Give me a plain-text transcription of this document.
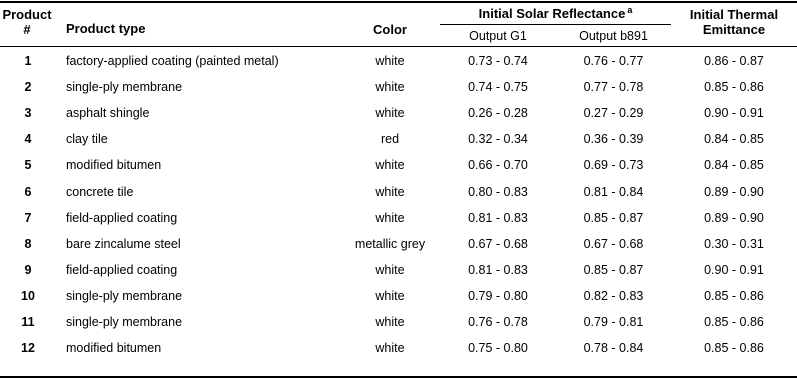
Product
#	Product type	Color
Initial Solar Reflectance $^a$
Output G1	Output b891
Initial Thermal
Emittance
1	factory-applied coating (painted metal)	white	0.73 - 0.74	0.76 - 0.77	0.86 - 0.87
2	single-ply membrane	white	0.74 - 0.75	0.77 - 0.78	0.85 - 0.86
3	asphalt shingle	white	0.26 - 0.28	0.27 - 0.29	0.90 - 0.91
4	clay tile	red	0.32 - 0.34	0.36 - 0.39	0.84 - 0.85
5	modified bitumen	white	0.66 - 0.70	0.69 - 0.73	0.84 - 0.85
6	concrete tile	white	0.80 - 0.83	0.81 - 0.84	0.89 - 0.90
7	field-applied coating	white	0.81 - 0.83	0.85 - 0.87	0.89 - 0.90
8	bare zincalume steel	metallic grey	0.67 - 0.68	0.67 - 0.68	0.30 - 0.31
9	field-applied coating	white	0.81 - 0.83	0.85 - 0.87	0.90 - 0.91
10	single-ply membrane	white	0.79 - 0.80	0.82 - 0.83	0.85 - 0.86
11	single-ply membrane	white	0.76 - 0.78	0.79 - 0.81	0.85 - 0.86
12	modified bitumen	white	0.75 - 0.80	0.78 - 0.84	0.85 - 0.86
